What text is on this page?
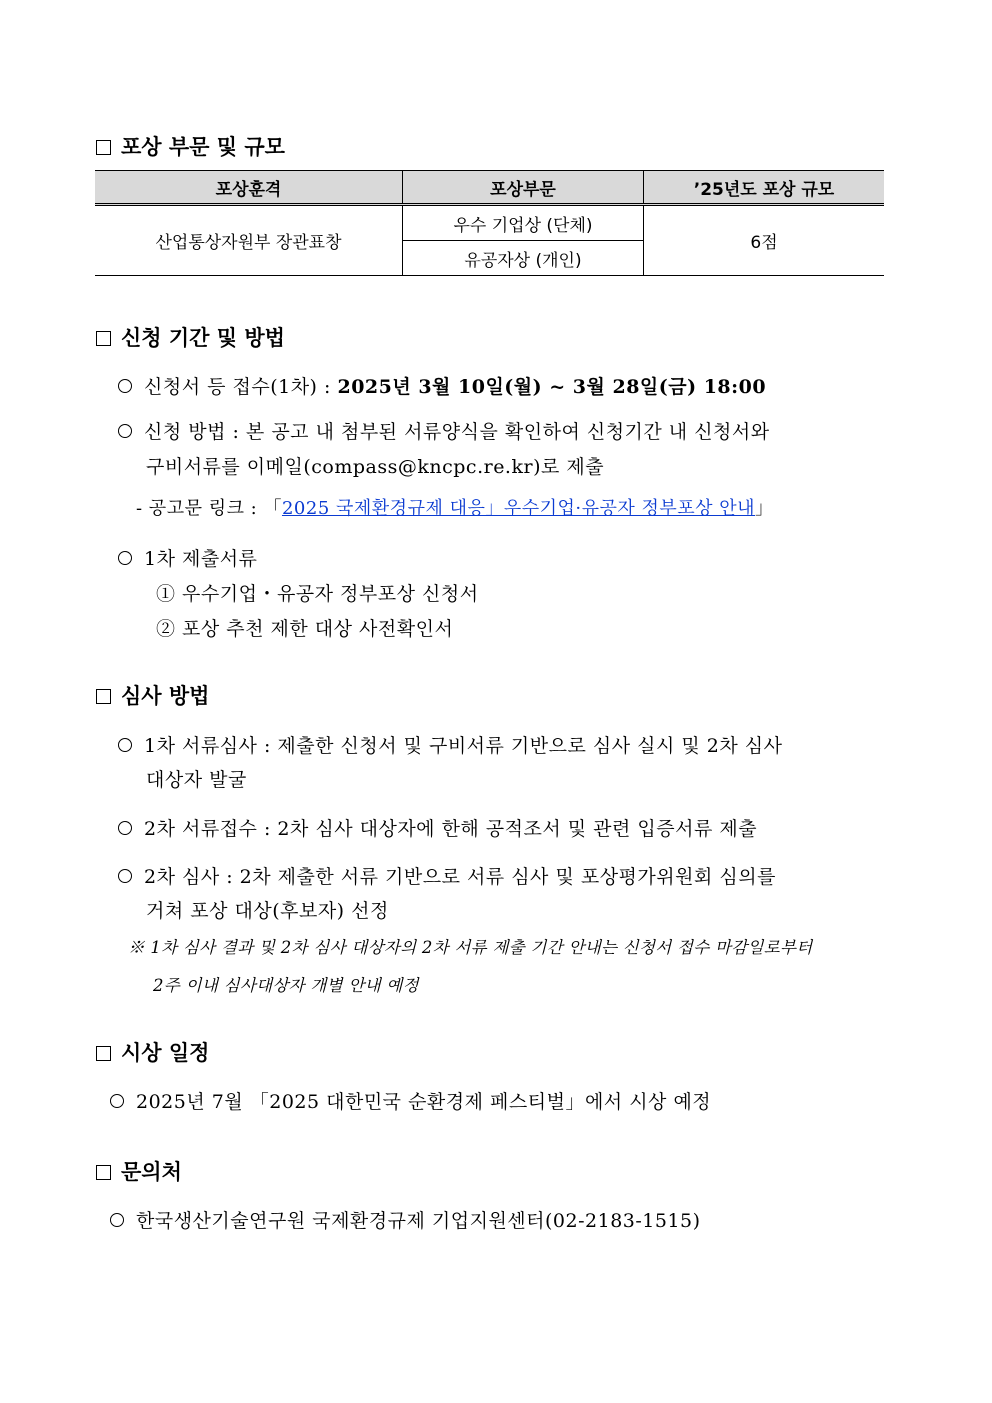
포상 부문 및 규모
포상훈격	포상부문	’25년도 포상 규모
산업통상자원부 장관표창	우수 기업상 (단체)	6점
	유공자상 (개인)	
신청 기간 및 방법
신청서 등 접수(1차) : 2025년 3월 10일(월) ~ 3월 28일(금) 18:00
신청 방법 : 본 공고 내 첨부된 서류양식을 확인하여 신청기간 내 신청서와
구비서류를 이메일(compass@kncpc.re.kr)로 제출
- 공고문 링크 : 「2025 국제환경규제 대응」우수기업·유공자 정부포상 안내」
1차 제출서류
① 우수기업・유공자 정부포상 신청서
② 포상 추천 제한 대상 사전확인서
심사 방법
1차 서류심사 : 제출한 신청서 및 구비서류 기반으로 심사 실시 및 2차 심사
대상자 발굴
2차 서류접수 : 2차 심사 대상자에 한해 공적조서 및 관련 입증서류 제출
2차 심사 : 2차 제출한 서류 기반으로 서류 심사 및 포상평가위원회 심의를
거쳐 포상 대상(후보자) 선정
※ 1차 심사 결과 및 2차 심사 대상자의 2차 서류 제출 기간 안내는 신청서 접수 마감일로부터
2주 이내 심사대상자 개별 안내 예정
시상 일정
2025년 7월 「2025 대한민국 순환경제 페스티벌」에서 시상 예정
문의처
한국생산기술연구원 국제환경규제 기업지원센터(02-2183-1515)
